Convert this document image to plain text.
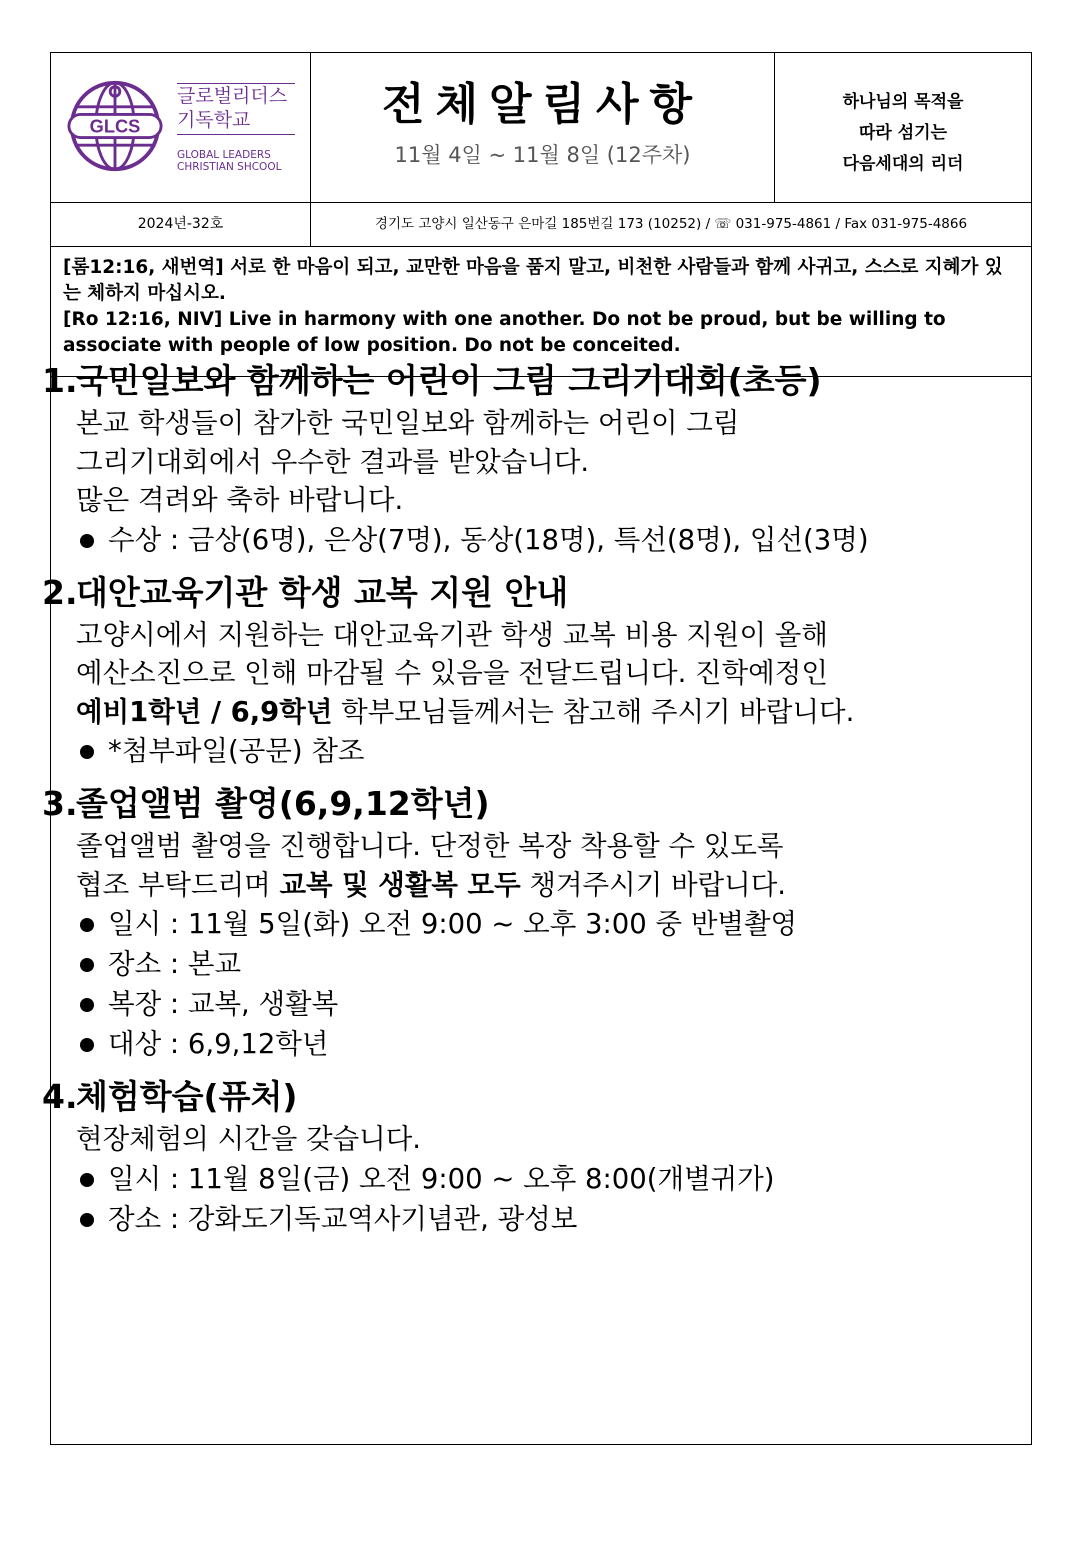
GLCS
글로벌리더스
기독학교
GLOBAL LEADERS
CHRISTIAN SHCOOL
전체알림사항
11월 4일 ~ 11월 8일 (12주차)
하나님의 목적을
따라 섬기는
다음세대의 리더
2024년-32호	경기도 고양시 일산동구 은마길 185번길 173 (10252) / ☏ 031-975-4861 / Fax 031-975-4866

[롬12:16, 새번역] 서로 한 마음이 되고, 교만한 마음을 품지 말고, 비천한 사람들과 함께 사귀고, 스스로 지혜가 있는 체하지 마십시오.

[Ro 12:16, NIV] Live in harmony with one another. Do not be proud, but be willing to associate with people of low position. Do not be conceited.

1.국민일보와 함께하는 어린이 그림 그리기대회(초등)

본교 학생들이 참가한 국민일보와 함께하는 어린이 그림

그리기대회에서 우수한 결과를 받았습니다.

많은 격려와 축하 바랍니다.

수상 : 금상(6명), 은상(7명), 동상(18명), 특선(8명), 입선(3명)
2.대안교육기관 학생 교복 지원 안내

고양시에서 지원하는 대안교육기관 학생 교복 비용 지원이 올해

예산소진으로 인해 마감될 수 있음을 전달드립니다. 진학예정인

예비1학년 / 6,9학년 학부모님들께서는 참고해 주시기 바랍니다.

*첨부파일(공문) 참조
3.졸업앨범 촬영(6,9,12학년)

졸업앨범 촬영을 진행합니다. 단정한 복장 착용할 수 있도록

협조 부탁드리며 교복 및 생활복 모두 챙겨주시기 바랍니다.

일시 : 11월 5일(화) 오전 9:00 ~ 오후 3:00 중 반별촬영
장소 : 본교
복장 : 교복, 생활복
대상 : 6,9,12학년
4.체험학습(퓨처)

현장체험의 시간을 갖습니다.

일시 : 11월 8일(금) 오전 9:00 ~ 오후 8:00(개별귀가)
장소 : 강화도기독교역사기념관, 광성보
